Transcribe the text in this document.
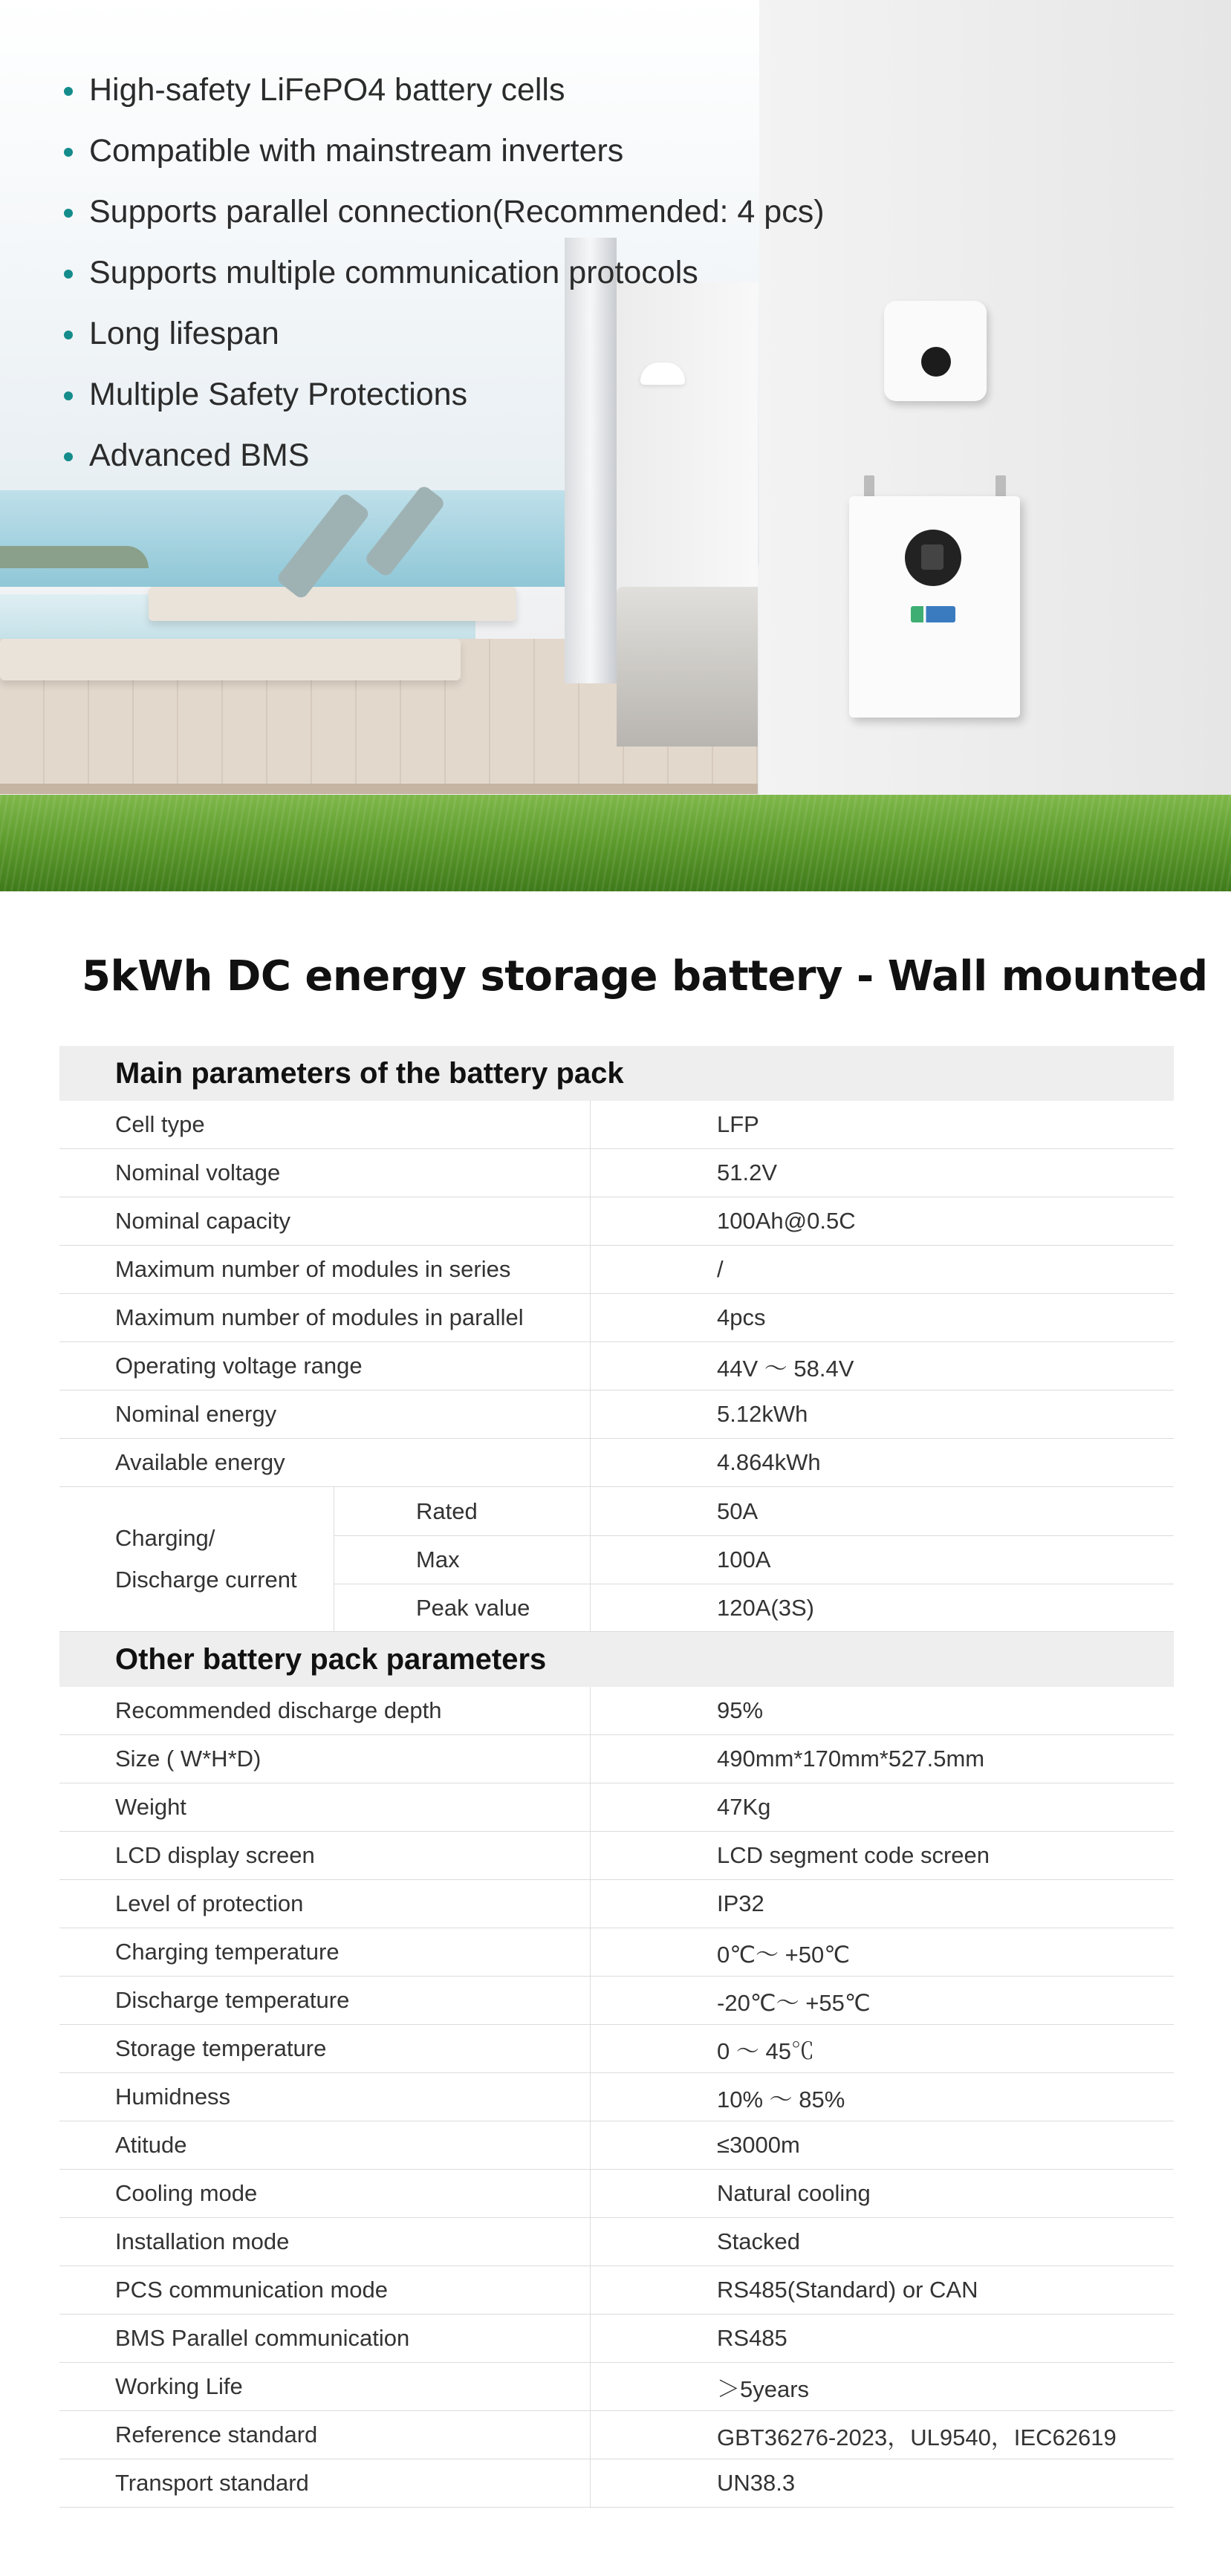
High-safety LiFePO4 battery cells
Compatible with mainstream inverters
Supports parallel connection(Recommended: 4 pcs)
Supports multiple communication protocols
Long lifespan
Multiple Safety Protections
Advanced BMS
5kWh DC energy storage battery - Wall mounted
Main parameters of the battery pack
Cell type	LFP
Nominal voltage	51.2V
Nominal capacity	100Ah@0.5C
Maximum number of modules in series	/
Maximum number of modules in parallel	4pcs
Operating voltage range	44V ～ 58.4V
Nominal energy	5.12kWh
Available energy	4.864kWh
Charging/
Discharge current
Rated	50A
Max	100A
Peak value	120A(3S)
Other battery pack parameters
Recommended discharge depth	95%
Size ( W*H*D)	490mm*170mm*527.5mm
Weight	47Kg
LCD display screen	LCD segment code screen
Level of protection	IP32
Charging temperature	0℃～ +50℃
Discharge temperature	-20℃～ +55℃
Storage temperature	0 ～ 45℃
Humidness	10% ～ 85%
Atitude	≤3000m
Cooling mode	Natural cooling
Installation mode	Stacked
PCS communication mode	RS485(Standard) or CAN
BMS Parallel communication	RS485
Working Life	＞5years
Reference standard	GBT36276-2023，UL9540，IEC62619
Transport standard	UN38.3
